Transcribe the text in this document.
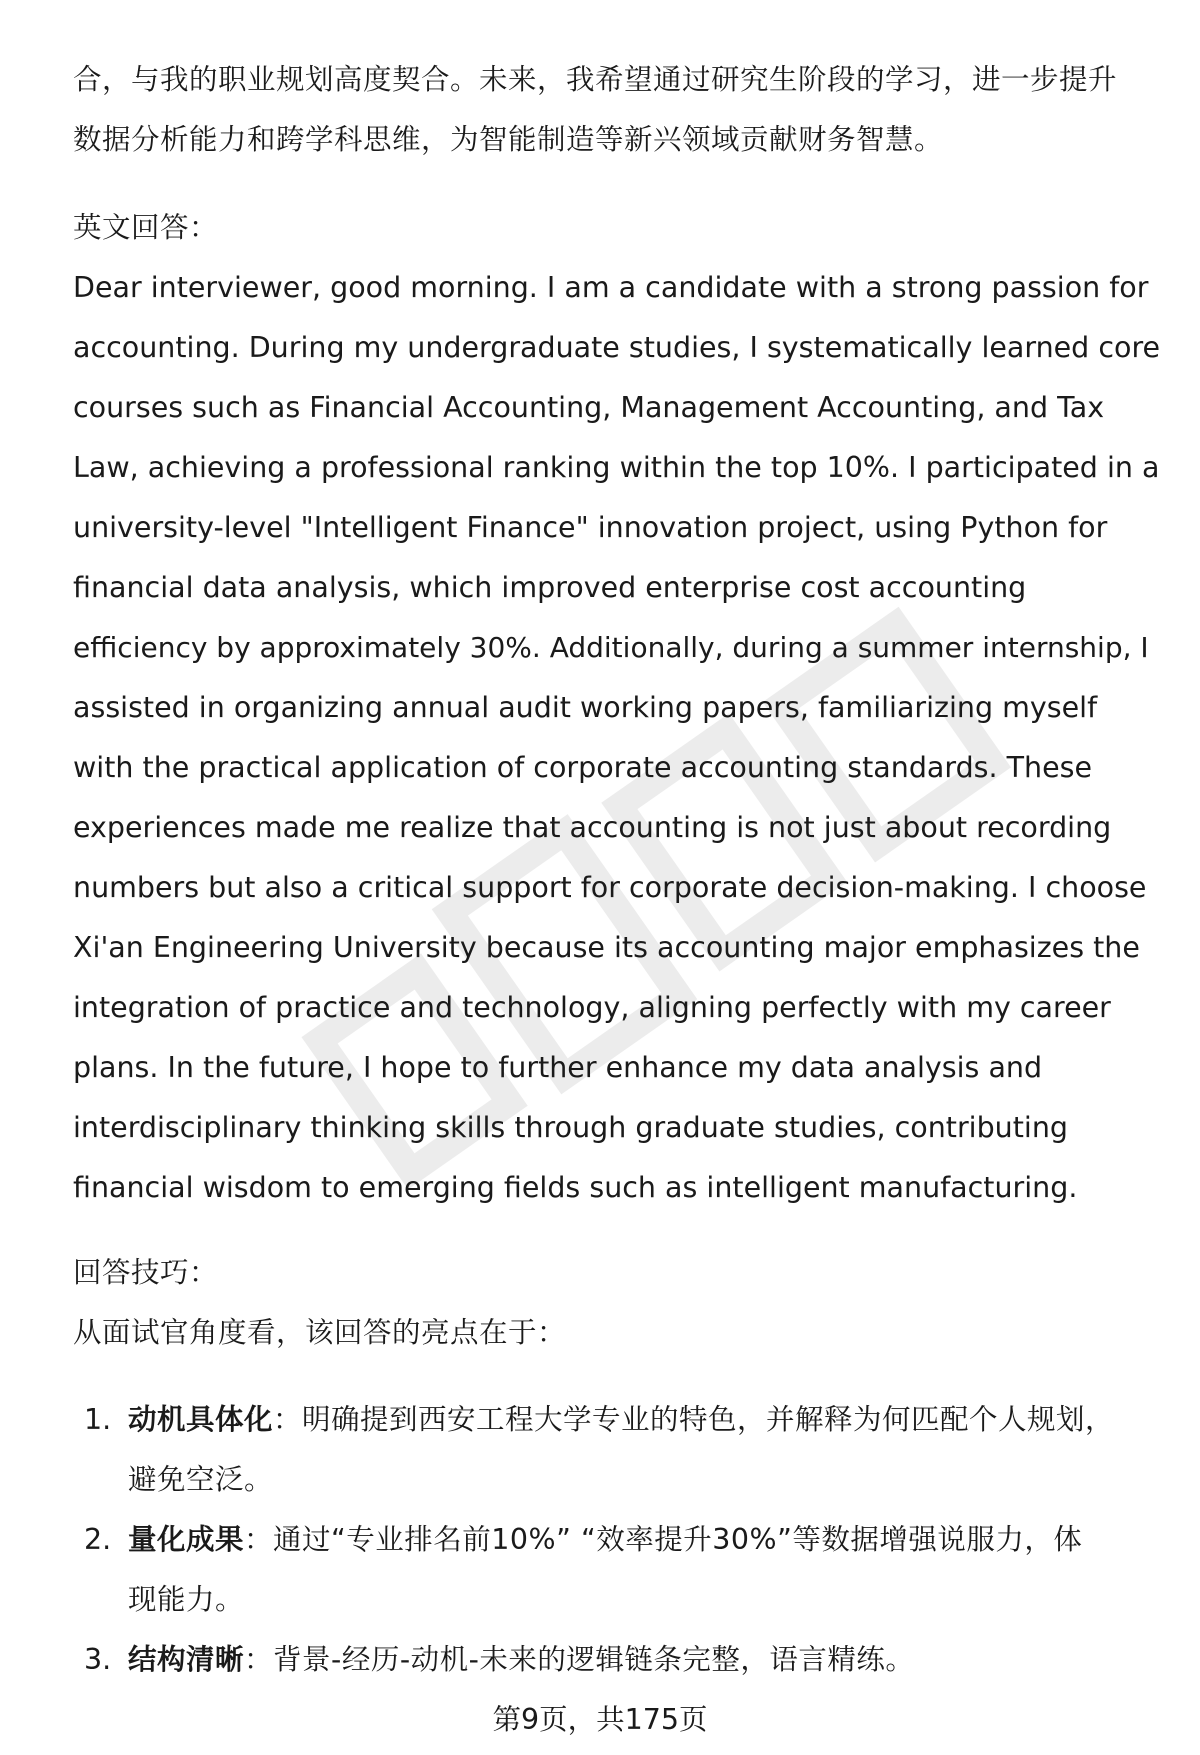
合，与我的职业规划高度契合。未来，我希望通过研究生阶段的学习，进一步提升
数据分析能力和跨学科思维，为智能制造等新兴领域贡献财务智慧。
英文回答：
Dear interviewer, good morning. I am a candidate with a strong passion for
accounting. During my undergraduate studies, I systematically learned core
courses such as Financial Accounting, Management Accounting, and Tax
Law, achieving a professional ranking within the top 10%. I participated in a
university-level "Intelligent Finance" innovation project, using Python for
financial data analysis, which improved enterprise cost accounting
efficiency by approximately 30%. Additionally, during a summer internship, I
assisted in organizing annual audit working papers, familiarizing myself
with the practical application of corporate accounting standards. These
experiences made me realize that accounting is not just about recording
numbers but also a critical support for corporate decision-making. I choose
Xi'an Engineering University because its accounting major emphasizes the
integration of practice and technology, aligning perfectly with my career
plans. In the future, I hope to further enhance my data analysis and
interdisciplinary thinking skills through graduate studies, contributing
financial wisdom to emerging fields such as intelligent manufacturing.
回答技巧：
从面试官角度看，该回答的亮点在于：
1. 动机具体化：明确提到西安工程大学专业的特色，并解释为何匹配个人规划，
避免空泛。
2. 量化成果：通过“专业排名前10%” “效率提升30%”等数据增强说服力，体
现能力。
3. 结构清晰：背景-经历-动机-未来的逻辑链条完整，语言精练。
第9页，共175页
